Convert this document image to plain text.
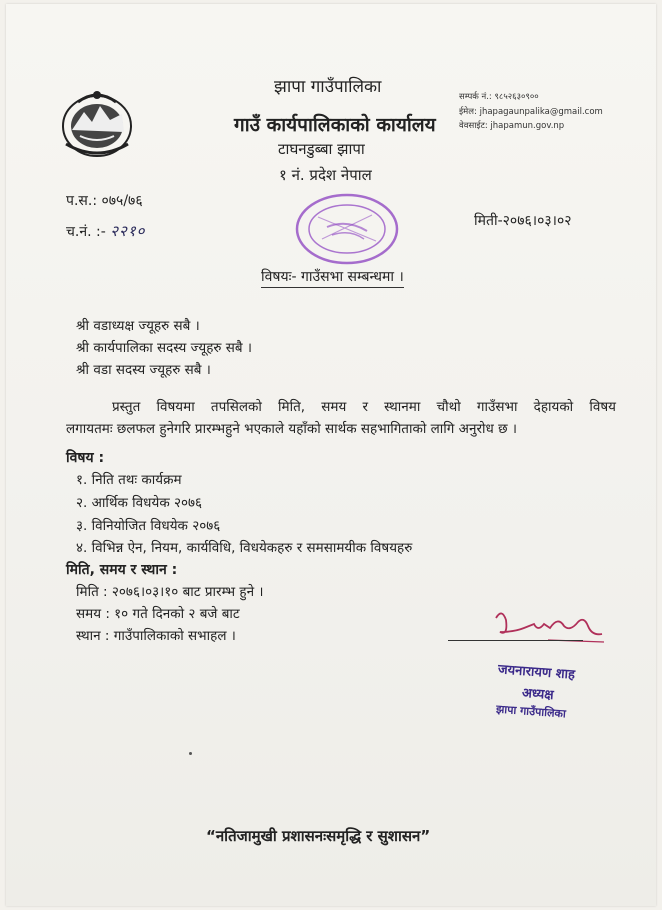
झापा गाउँपालिका
गाउँ कार्यपालिकाको कार्यालय
टाघनडुब्बा झापा
१ नं. प्रदेश नेपाल
सम्पर्क नं.: ९८५२६३०९००
ईमेल: jhapagaunpalika@gmail.com
वेवसाईट: jhapamun.gov.np
प.स.: ०७५/७६
च.नं. :- २२१०
मिती-२०७६।०३।०२
विषयः- गाउँसभा सम्बन्धमा ।
श्री वडाध्यक्ष ज्यूहरु सबै ।
श्री कार्यपालिका सदस्य ज्यूहरु सबै ।
श्री वडा सदस्य ज्यूहरु सबै ।
प्रस्तुत विषयमा तपसिलको मिति, समय र स्थानमा चौथो गाउँसभा देहायको विषय
लगायतमः छलफल हुनेगरि प्रारम्भहुने भएकाले यहाँको सार्थक सहभागिताको लागि अनुरोध छ ।
विषय :
१. निति तथः कार्यक्रम
२. आर्थिक विधयेक २०७६
३. विनियोजित विधयेक २०७६
४. विभिन्न ऐन, नियम, कार्यविधि, विधयेकहरु र समसामयीक विषयहरु
मिति, समय र स्थान :
मिति : २०७६।०३।१० बाट प्रारम्भ हुने ।
समय : १० गते दिनको २ बजे बाट
स्थान : गाउँपालिकाको सभाहल ।
जयनारायण शाह
अध्यक्ष
झापा गाउँपालिका
“नतिजामुखी प्रशासनःसमृद्धि र सुशासन”
